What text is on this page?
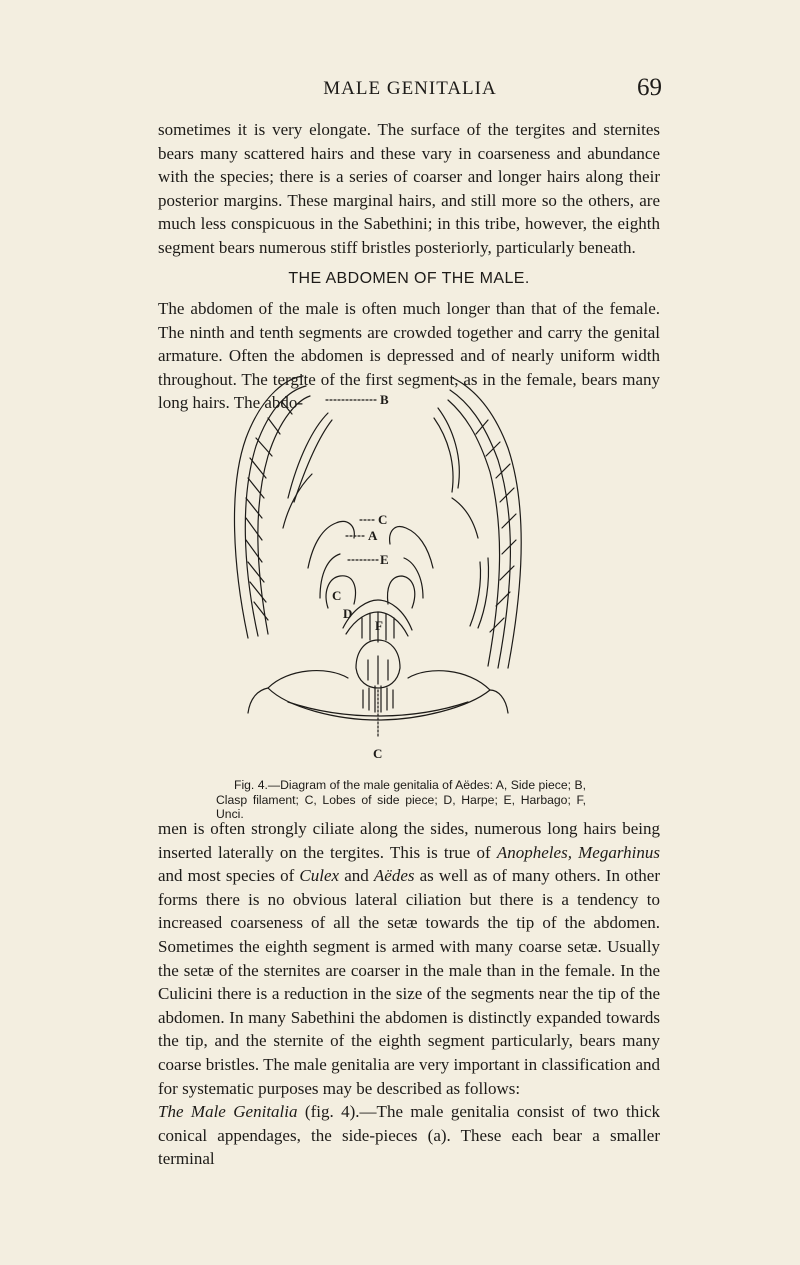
MALE GENITALIA	69

sometimes it is very elongate. The surface of the tergites and sternites bears many scattered hairs and these vary in coarseness and abundance with the species; there is a series of coarser and longer hairs along their posterior margins. These marginal hairs, and still more so the others, are much less conspicuous in the Sabethini; in this tribe, however, the eighth segment bears numerous stiff bristles posteriorly, particularly beneath.

THE ABDOMEN OF THE MALE.

The abdomen of the male is often much longer than that of the female. The ninth and tenth segments are crowded together and carry the genital armature. Often the abdomen is depressed and of nearly uniform width throughout. The tergite of the first segment, as in the female, bears many long hairs. The abdo-	B
C
A
E
C
D
F
C

Fig. 4.—Diagram of the male genitalia of Aëdes: A, Side piece; B, Clasp filament; C, Lobes of side piece; D, Harpe; E, Harbago; F, Unci.

men is often strongly ciliate along the sides, numerous long hairs being inserted laterally on the tergites. This is true of Anopheles, Megarhinus and most species of Culex and Aëdes as well as of many others. In other forms there is no obvious lateral ciliation but there is a tendency to increased coarseness of all the setæ towards the tip of the abdomen. Sometimes the eighth segment is armed with many coarse setæ. Usually the setæ of the sternites are coarser in the male than in the female. In the Culicini there is a reduction in the size of the segments near the tip of the abdomen. In many Sabethini the abdomen is distinctly expanded towards the tip, and the sternite of the eighth segment particularly, bears many coarse bristles. The male genitalia are very important in classification and for systematic purposes may be described as follows:

The Male Genitalia (fig. 4).—The male genitalia consist of two thick conical appendages, the side-pieces (a). These each bear a smaller terminal
